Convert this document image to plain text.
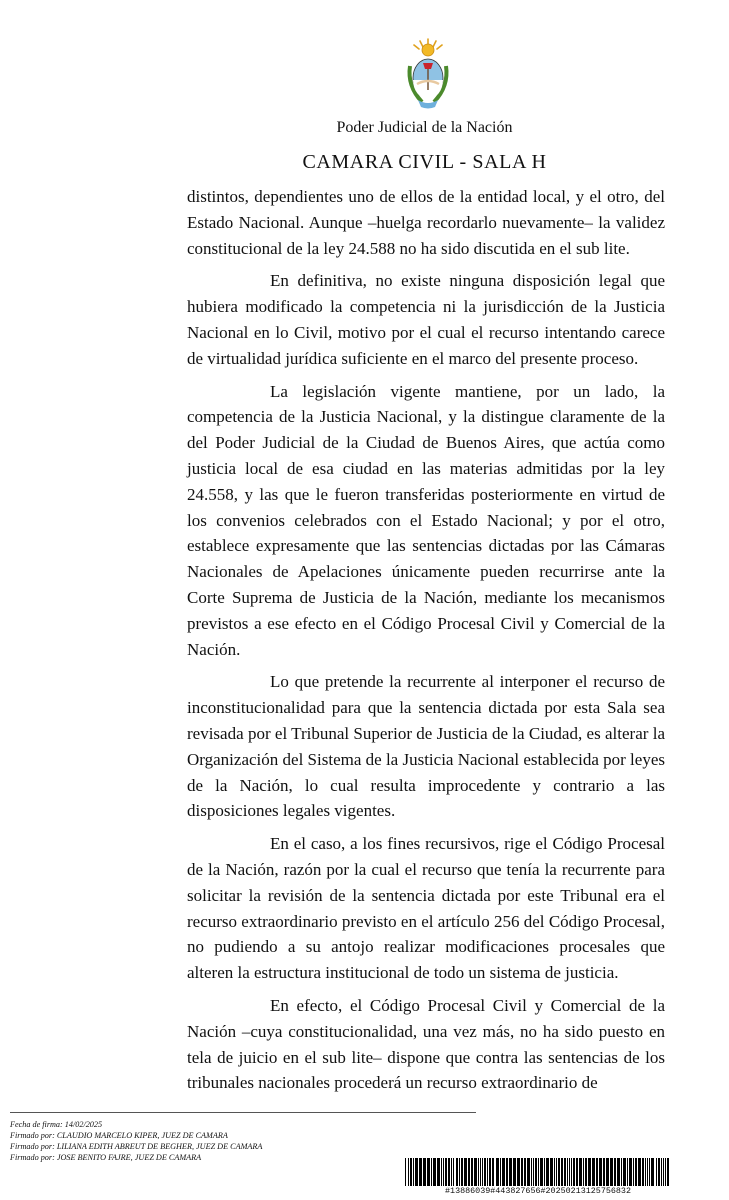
Poder Judicial de la Nación
CAMARA CIVIL - SALA H

distintos, dependientes uno de ellos de la entidad local, y el otro, del Estado Nacional. Aunque –huelga recordarlo nuevamente– la validez constitucional de la ley 24.588 no ha sido discutida en el sub lite.

En definitiva, no existe ninguna disposición legal que hubiera modificado la competencia ni la jurisdicción de la Justicia Nacional en lo Civil, motivo por el cual el recurso intentando carece de virtualidad jurídica suficiente en el marco del presente proceso.

La legislación vigente mantiene, por un lado, la competencia de la Justicia Nacional, y la distingue claramente de la del Poder Judicial de la Ciudad de Buenos Aires, que actúa como justicia local de esa ciudad en las materias admitidas por la ley 24.558, y las que le fueron transferidas posteriormente en virtud de los convenios celebrados con el Estado Nacional; y por el otro, establece expresamente que las sentencias dictadas por las Cámaras Nacionales de Apelaciones únicamente pueden recurrirse ante la Corte Suprema de Justicia de la Nación, mediante los mecanismos previstos a ese efecto en el Código Procesal Civil y Comercial de la Nación.

Lo que pretende la recurrente al interponer el recurso de inconstitucionalidad para que la sentencia dictada por esta Sala sea revisada por el Tribunal Superior de Justicia de la Ciudad, es alterar la Organización del Sistema de la Justicia Nacional establecida por leyes de la Nación, lo cual resulta improcedente y contrario a las disposiciones legales vigentes.

En el caso, a los fines recursivos, rige el Código Procesal de la Nación, razón por la cual el recurso que tenía la recurrente para solicitar la revisión de la sentencia dictada por este Tribunal era el recurso extraordinario previsto en el artículo 256 del Código Procesal, no pudiendo a su antojo realizar modificaciones procesales que alteren la estructura institucional de todo un sistema de justicia.

En efecto, el Código Procesal Civil y Comercial de la Nación –cuya constitucionalidad, una vez más, no ha sido puesto en tela de juicio en el sub lite– dispone que contra las sentencias de los tribunales nacionales procederá un recurso extraordinario de

Fecha de firma: 14/02/2025
Firmado por: CLAUDIO MARCELO KIPER, JUEZ DE CAMARA
Firmado por: LILIANA EDITH ABREUT DE BEGHER, JUEZ DE CAMARA
Firmado por: JOSE BENITO FAJRE, JUEZ DE CAMARA
#13886039#443827656#20250213125756832
